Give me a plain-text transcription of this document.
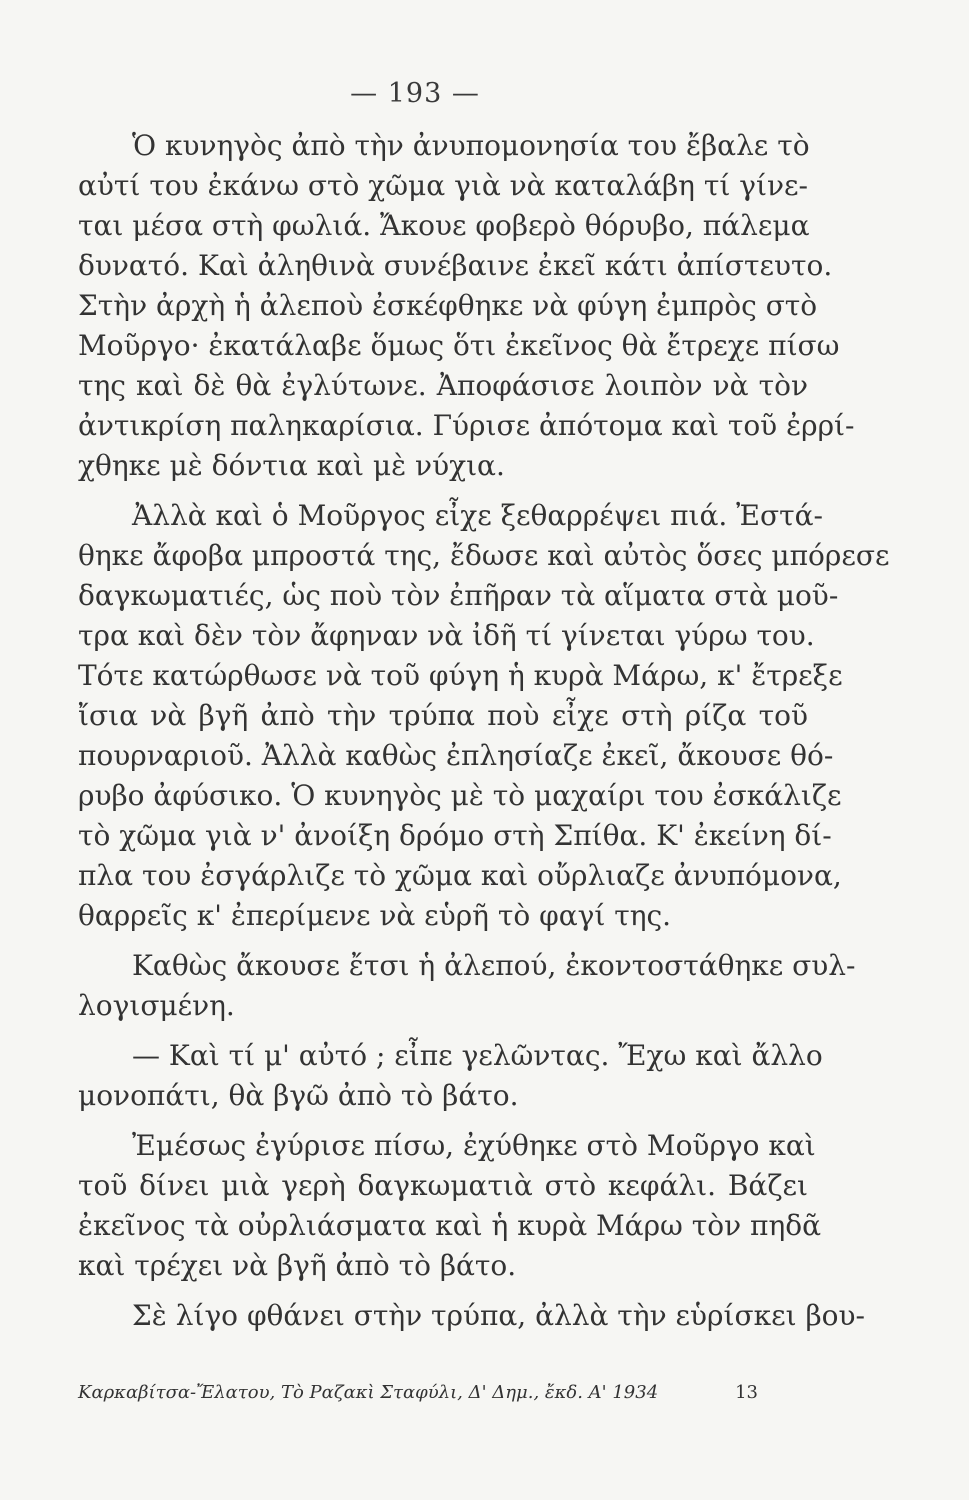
— 193 —
Ὁ κυνηγὸς ἀπὸ τὴν ἀνυπομονησία του ἔβαλε τὸ
αὐτί του ἐκάνω στὸ χῶμα γιὰ νὰ καταλάβη τί γίνε-
ται μέσα στὴ φωλιά. Ἄκουε φοβερὸ θόρυβο, πάλεμα
δυνατό. Καὶ ἀληθινὰ συνέβαινε ἐκεῖ κάτι ἀπίστευτο.
Στὴν ἀρχὴ ἡ ἀλεποὺ ἐσκέφθηκε νὰ φύγη ἐμπρὸς στὸ
Μοῦργο· ἐκατάλαβε ὅμως ὅτι ἐκεῖνος θὰ ἔτρεχε πίσω
της καὶ δὲ θὰ ἐγλύτωνε. Ἀποφάσισε λοιπὸν νὰ τὸν
ἀντικρίση παληκαρίσια. Γύρισε ἀπότομα καὶ τοῦ ἐρρί-
χθηκε μὲ δόντια καὶ μὲ νύχια.
Ἀλλὰ καὶ ὁ Μοῦργος εἶχε ξεθαρρέψει πιά. Ἐστά-
θηκε ἄφοβα μπροστά της, ἔδωσε καὶ αὐτὸς ὅσες μπόρεσε
δαγκωματιές, ὡς ποὺ τὸν ἐπῆραν τὰ αἵματα στὰ μοῦ-
τρα καὶ δὲν τὸν ἄφηναν νὰ ἰδῆ τί γίνεται γύρω του.
Τότε κατώρθωσε νὰ τοῦ φύγη ἡ κυρὰ Μάρω, κ' ἔτρεξε
ἴσια νὰ βγῆ ἀπὸ τὴν τρύπα ποὺ εἶχε στὴ ρίζα τοῦ
πουρναριοῦ. Ἀλλὰ καθὼς ἐπλησίαζε ἐκεῖ, ἄκουσε θό-
ρυβο ἀφύσικο. Ὁ κυνηγὸς μὲ τὸ μαχαίρι του ἐσκάλιζε
τὸ χῶμα γιὰ ν' ἀνοίξη δρόμο στὴ Σπίθα. Κ' ἐκείνη δί-
πλα του ἐσγάρλιζε τὸ χῶμα καὶ οὔρλιαζε ἀνυπόμονα,
θαρρεῖς κ' ἐπερίμενε νὰ εὑρῆ τὸ φαγί της.
Καθὼς ἄκουσε ἔτσι ἡ ἀλεπού, ἐκοντοστάθηκε συλ-
λογισμένη.
— Καὶ τί μ' αὐτό ; εἶπε γελῶντας. Ἔχω καὶ ἄλλο
μονοπάτι, θὰ βγῶ ἀπὸ τὸ βάτο.
Ἐμέσως ἐγύρισε πίσω, ἐχύθηκε στὸ Μοῦργο καὶ
τοῦ δίνει μιὰ γερὴ δαγκωματιὰ στὸ κεφάλι. Βάζει
ἐκεῖνος τὰ οὐρλιάσματα καὶ ἡ κυρὰ Μάρω τὸν πηδᾶ
καὶ τρέχει νὰ βγῆ ἀπὸ τὸ βάτο.
Σὲ λίγο φθάνει στὴν τρύπα, ἀλλὰ τὴν εὑρίσκει βου-
Καρκαβίτσα-Ἔλατου, Τὸ Ραζακὶ Σταφύλι, Δ' Δημ., ἔκδ. Α' 1934	13
